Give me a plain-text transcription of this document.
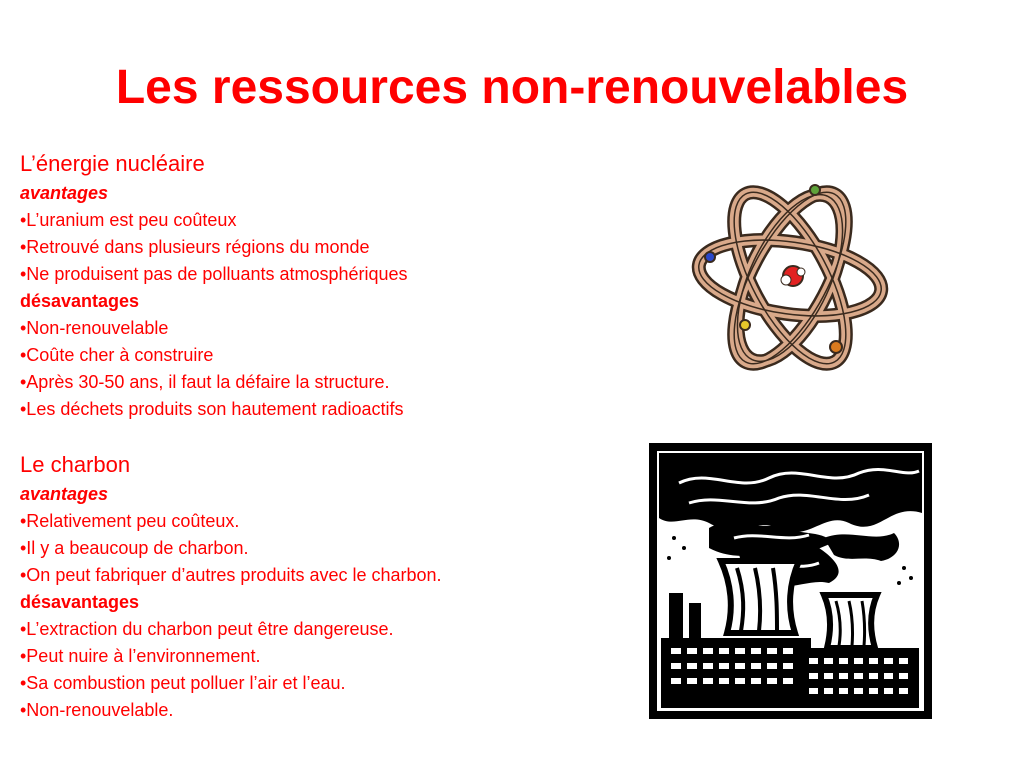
Les ressources non-renouvelables
L’énergie nucléaire
avantages
•L’uranium est peu coûteux
•Retrouvé dans plusieurs régions du monde
•Ne produisent pas de polluants atmosphériques
désavantages
•Non-renouvelable
•Coûte cher à construire
•Après 30-50 ans, il faut la défaire la structure.
•Les déchets produits son hautement radioactifs
Le charbon
avantages
•Relativement peu coûteux.
•Il y a beaucoup de charbon.
•On peut fabriquer d’autres produits avec le charbon.
désavantages
•L’extraction du charbon peut être dangereuse.
•Peut nuire à l’environnement.
•Sa combustion peut polluer l’air et l’eau.
•Non-renouvelable.
